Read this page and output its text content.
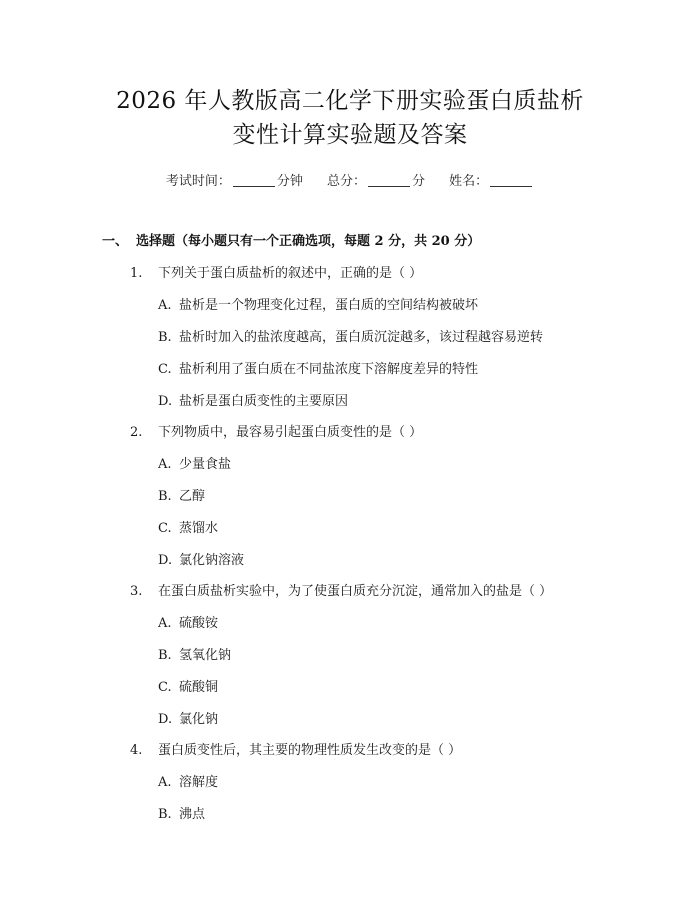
2026 年人教版高二化学下册实验蛋白质盐析
变性计算实验题及答案
考试时间：	分钟 总分：	分 姓名：
一、 选择题（每小题只有一个正确选项，每题 2 分，共 20 分）
1. 下列关于蛋白质盐析的叙述中，正确的是（ ）
A. 盐析是一个物理变化过程，蛋白质的空间结构被破坏
B. 盐析时加入的盐浓度越高，蛋白质沉淀越多，该过程越容易逆转
C. 盐析利用了蛋白质在不同盐浓度下溶解度差异的特性
D. 盐析是蛋白质变性的主要原因
2. 下列物质中，最容易引起蛋白质变性的是（ ）
A. 少量食盐
B. 乙醇
C. 蒸馏水
D. 氯化钠溶液
3. 在蛋白质盐析实验中，为了使蛋白质充分沉淀，通常加入的盐是（ ）
A. 硫酸铵
B. 氢氧化钠
C. 硫酸铜
D. 氯化钠
4. 蛋白质变性后，其主要的物理性质发生改变的是（ ）
A. 溶解度
B. 沸点
